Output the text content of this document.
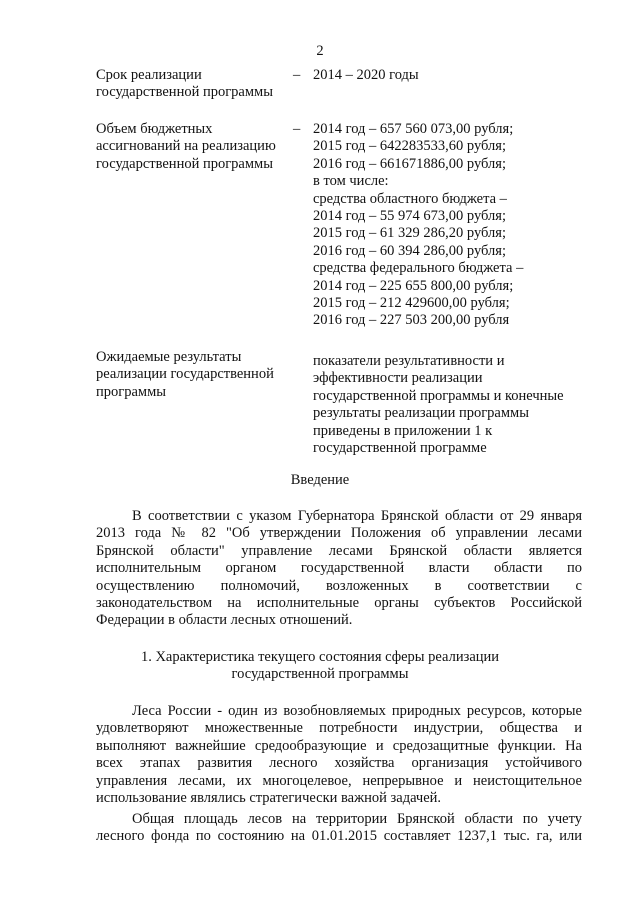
2
Срок реализации
государственной программы
– 2014 – 2020 годы
Объем бюджетных
ассигнований на реализацию
государственной программы
– 2014 год – 657 560 073,00 рубля;
2015 год – 642283533,60 рубля;
2016 год – 661671886,00 рубля;
в том числе:
средства областного бюджета –
2014 год – 55 974 673,00 рубля;
2015 год – 61 329 286,20 рубля;
2016 год – 60 394 286,00 рубля;
средства федерального бюджета –
2014 год – 225 655 800,00 рубля;
2015 год – 212 429600,00 рубля;
2016 год – 227 503 200,00 рубля
Ожидаемые результаты
реализации государственной
программы
показатели результативности и
эффективности реализации
государственной программы и конечные
результаты реализации программы
приведены в приложении 1 к
государственной программе
Введение
В соответствии с указом Губернатора Брянской области от 29 января
2013 года № 82 "Об утверждении Положения об управлении лесами
Брянской области" управление лесами Брянской области является
исполнительным органом государственной власти области по
осуществлению полномочий, возложенных в соответствии с
законодательством на исполнительные органы субъектов Российской
Федерации в области лесных отношений.
1. Характеристика текущего состояния сферы реализации
государственной программы
Леса России - один из возобновляемых природных ресурсов, которые
удовлетворяют множественные потребности индустрии, общества и
выполняют важнейшие средообразующие и средозащитные функции. На
всех этапах развития лесного хозяйства организация устойчивого
управления лесами, их многоцелевое, непрерывное и неистощительное
использование являлись стратегически важной задачей.
Общая площадь лесов на территории Брянской области по учету
лесного фонда по состоянию на 01.01.2015 составляет 1237,1 тыс. га, или
